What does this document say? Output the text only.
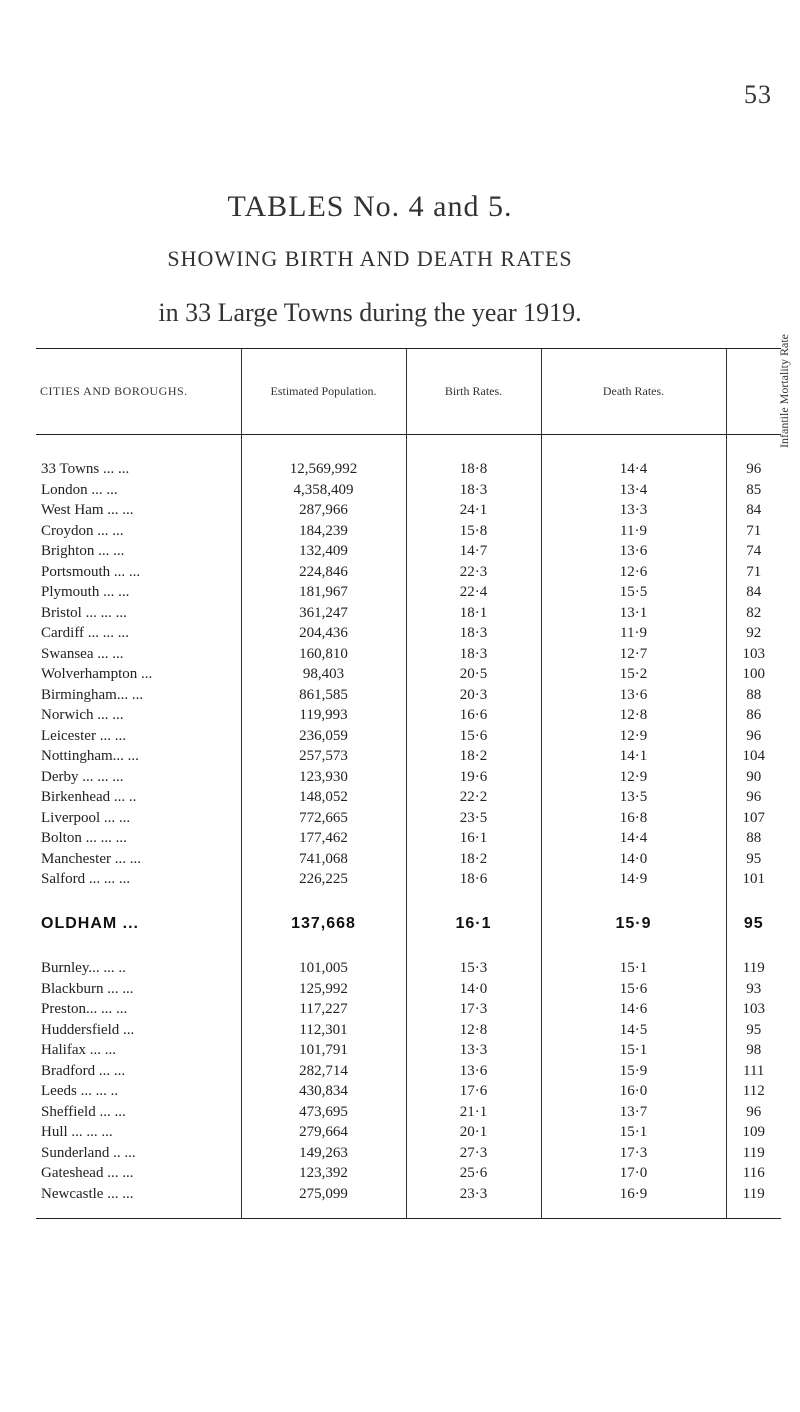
53
TABLES No. 4 and 5.
SHOWING BIRTH AND DEATH RATES
in 33 Large Towns during the year 1919.
CITIES AND BOROUGHS.	Estimated Population.	Birth Rates.	Death Rates.	Infantile Mortality Rate

33 Towns ... ...	12,569,992	18·8	14·4	96
London ... ...	4,358,409	18·3	13·4	85
West Ham ... ...	287,966	24·1	13·3	84
Croydon ... ...	184,239	15·8	11·9	71
Brighton ... ...	132,409	14·7	13·6	74
Portsmouth ... ...	224,846	22·3	12·6	71
Plymouth ... ...	181,967	22·4	15·5	84
Bristol ... ... ...	361,247	18·1	13·1	82
Cardiff ... ... ...	204,436	18·3	11·9	92
Swansea ... ...	160,810	18·3	12·7	103
Wolverhampton ...	98,403	20·5	15·2	100
Birmingham... ...	861,585	20·3	13·6	88
Norwich ... ...	119,993	16·6	12·8	86
Leicester ... ...	236,059	15·6	12·9	96
Nottingham... ...	257,573	18·2	14·1	104
Derby ... ... ...	123,930	19·6	12·9	90
Birkenhead ... ..	148,052	22·2	13·5	96
Liverpool ... ...	772,665	23·5	16·8	107
Bolton ... ... ...	177,462	16·1	14·4	88
Manchester ... ...	741,068	18·2	14·0	95
Salford ... ... ...	226,225	18·6	14·9	101

OLDHAM ...	137,668	16·1	15·9	95

Burnley... ... ..	101,005	15·3	15·1	119
Blackburn ... ...	125,992	14·0	15·6	93
Preston... ... ...	117,227	17·3	14·6	103
Huddersfield ...	112,301	12·8	14·5	95
Halifax ... ...	101,791	13·3	15·1	98
Bradford ... ...	282,714	13·6	15·9	111
Leeds ... ... ..	430,834	17·6	16·0	112
Sheffield ... ...	473,695	21·1	13·7	96
Hull ... ... ...	279,664	20·1	15·1	109
Sunderland .. ...	149,263	27·3	17·3	119
Gateshead ... ...	123,392	25·6	17·0	116
Newcastle ... ...	275,099	23·3	16·9	119
